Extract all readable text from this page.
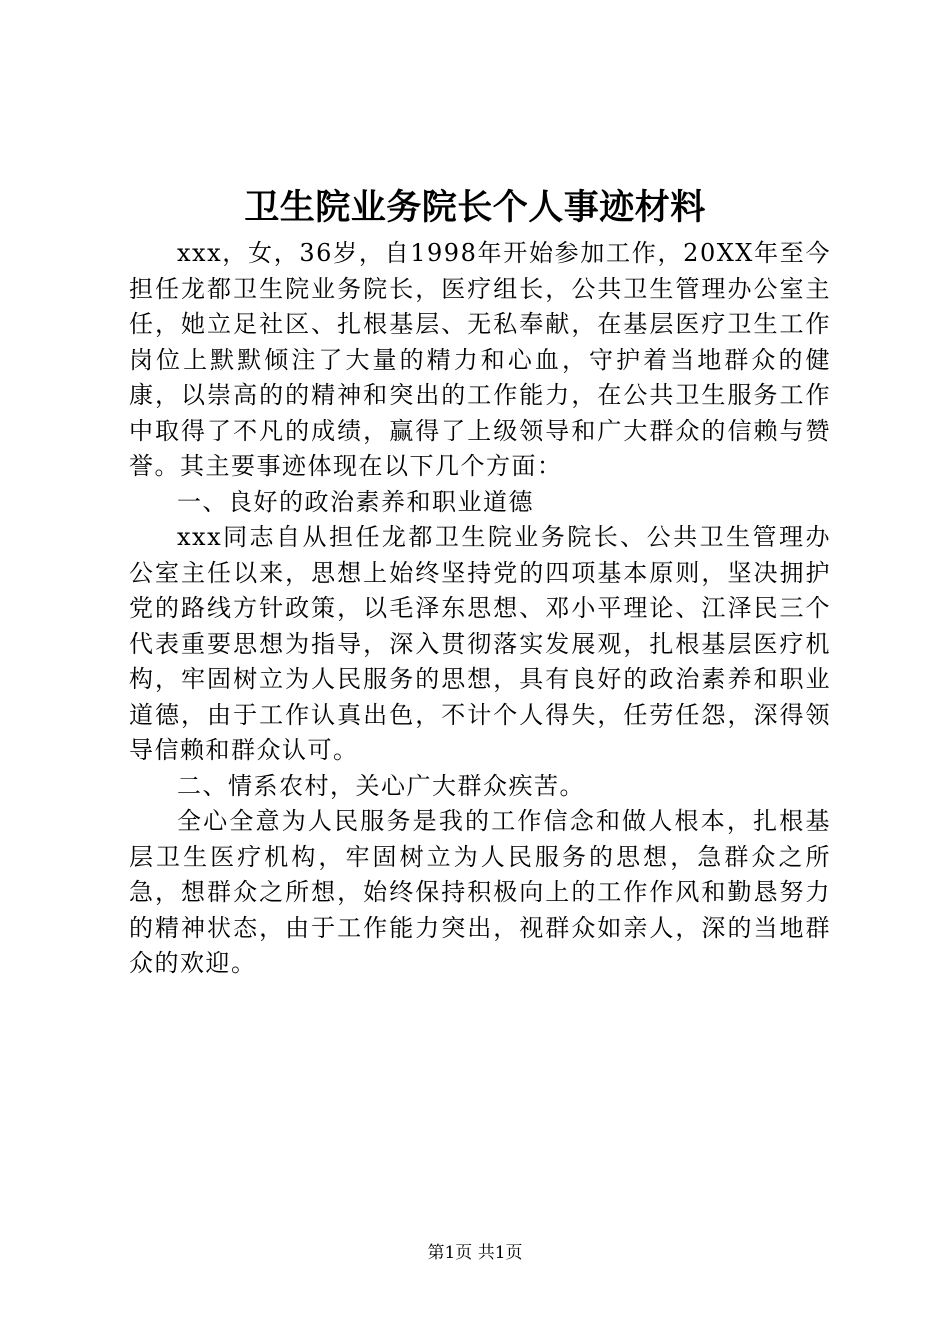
卫生院业务院长个人事迹材料

xxx，女，36岁，自1998年开始参加工作，20XX年至今担任龙都卫生院业务院长，医疗组长，公共卫生管理办公室主任，她立足社区、扎根基层、无私奉献，在基层医疗卫生工作岗位上默默倾注了大量的精力和心血，守护着当地群众的健康，以崇高的的精神和突出的工作能力，在公共卫生服务工作中取得了不凡的成绩，赢得了上级领导和广大群众的信赖与赞誉。其主要事迹体现在以下几个方面：

一、良好的政治素养和职业道德

xxx同志自从担任龙都卫生院业务院长、公共卫生管理办公室主任以来，思想上始终坚持党的四项基本原则，坚决拥护党的路线方针政策，以毛泽东思想、邓小平理论、江泽民三个代表重要思想为指导，深入贯彻落实发展观，扎根基层医疗机构，牢固树立为人民服务的思想，具有良好的政治素养和职业道德，由于工作认真出色，不计个人得失，任劳任怨，深得领导信赖和群众认可。

二、情系农村，关心广大群众疾苦。

全心全意为人民服务是我的工作信念和做人根本，扎根基层卫生医疗机构，牢固树立为人民服务的思想，急群众之所急，想群众之所想，始终保持积极向上的工作作风和勤恳努力的精神状态，由于工作能力突出，视群众如亲人，深的当地群众的欢迎。

第1页 共1页
